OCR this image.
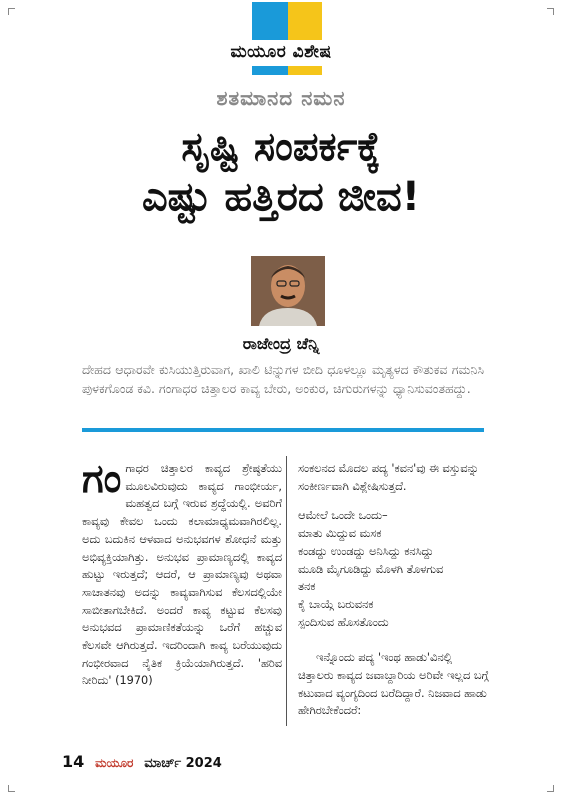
ಮಯೂರ ವಿಶೇಷ
ಶತಮಾನದ ನಮನ
ಸೃಷ್ಟಿ ಸಂಪರ್ಕಕ್ಕೆ
ಎಷ್ಟು ಹತ್ತಿರದ ಜೀವ!
ರಾಜೇಂದ್ರ ಚೆನ್ನಿ
ದೇಹದ ಆಧಾರವೇ ಕುಸಿಯುತ್ತಿರುವಾಗ, ಖಾಲಿ ಟಿನ್ನುಗಳ ಬೀದಿ ಧೂಳಲ್ಲೂ ಮೃತ್ಯಳದ ಕೌತುಕವ ಗಮನಿಸಿ ಪುಳಕಗೊಂಡ ಕವಿ. ಗಂಗಾಧರ ಚಿತ್ತಾಲರ ಕಾವ್ಯ ಬೇರು, ಅಂಕುರ, ಚಿಗುರುಗಳನ್ನು ಧ್ಯಾನಿಸುವಂತಹದ್ದು.
ಗಂ ಗಾಧರ ಚಿತ್ತಾಲರ ಕಾವ್ಯದ ಶ್ರೇಷ್ಠತೆಯು ಮೂಲವಿರುವುದು ಕಾವ್ಯದ ಗಾಂಭೀರ್ಯ, ಮಹತ್ವದ ಬಗ್ಗೆ ಇರುವ ಶ್ರದ್ಧೆಯಲ್ಲಿ. ಅವರಿಗೆ ಕಾವ್ಯವು ಕೇವಲ ಒಂದು ಕಲಾಮಾಧ್ಯಮವಾಗಿರಲಿಲ್ಲ. ಅದು ಬದುಕಿನ ಆಳವಾದ ಅನುಭವಗಳ ಶೋಧನೆ ಮತ್ತು ಅಭಿವ್ಯಕ್ತಿಯಾಗಿತ್ತು. ಅನುಭವ ಪ್ರಾಮಾಣ್ಯದಲ್ಲಿ ಕಾವ್ಯದ ಹುಟ್ಟು ಇರುತ್ತದೆ; ಆದರೆ, ಆ ಪ್ರಾಮಾಣ್ಯವು ಅಥವಾ ಸಾಚಾತನವು ಅದನ್ನು ಕಾವ್ಯವಾಗಿಸುವ ಕೆಲಸದಲ್ಲಿಯೇ ಸಾಬೀತಾಗಬೇಕಿದೆ. ಅಂದರೆ ಕಾವ್ಯ ಕಟ್ಟುವ ಕೆಲಸವು ಅನುಭವದ ಪ್ರಾಮಾಣಿಕತೆಯನ್ನು ಒರೆಗೆ ಹಚ್ಚುವ ಕೆಲಸವೇ ಆಗಿರುತ್ತದೆ. ಇದರಿಂದಾಗಿ ಕಾವ್ಯ ಬರೆಯುವುದು ಗಂಭೀರವಾದ ನೈತಿಕ ಕ್ರಿಯೆಯಾಗಿರುತ್ತದೆ. 'ಹರಿವ ನೀರಿದು' (1970)

ಸಂಕಲನದ ಮೊದಲ ಪದ್ಯ 'ಕವನ'ವು ಈ ವಸ್ತುವನ್ನು ಸಂಕೀರ್ಣವಾಗಿ ವಿಶ್ಲೇಷಿಸುತ್ತದೆ.

ಆಮೇಲೆ ಒಂದೇ ಒಂದು–
ಮಾತು ಮಿದ್ದುವ ಮಸಕ
ಕಂಡದ್ದು ಉಂಡದ್ದು ಅನಿಸಿದ್ದು ಕನಸಿದ್ದು
ಮೂಡಿ ಮೈಗೂಡಿದ್ದು ಮೊಳಗಿ ತೊಳಗುವ
ತನಕ
ಕೈ ಬಾಯ್ಗೆ ಬರುವನಕ
ಸ್ಪಂದಿಸುವ ಹೊಸತೊಂದು

ಇನ್ನೊಂದು ಪದ್ಯ 'ಇಂಥ ಹಾಡು'ವಿನಲ್ಲಿ ಚಿತ್ತಾಲರು ಕಾವ್ಯದ ಜವಾಬ್ದಾರಿಯ ಅರಿವೇ ಇಲ್ಲದ ಬಗ್ಗೆ ಕಟುವಾದ ವ್ಯಂಗ್ಯದಿಂದ ಬರೆದಿದ್ದಾರೆ. ನಿಜವಾದ ಹಾಡು ಹೇಗಿರಬೇಕೆಂದರೆ:

14 ಮಯೂರ ಮಾರ್ಚ್ 2024
